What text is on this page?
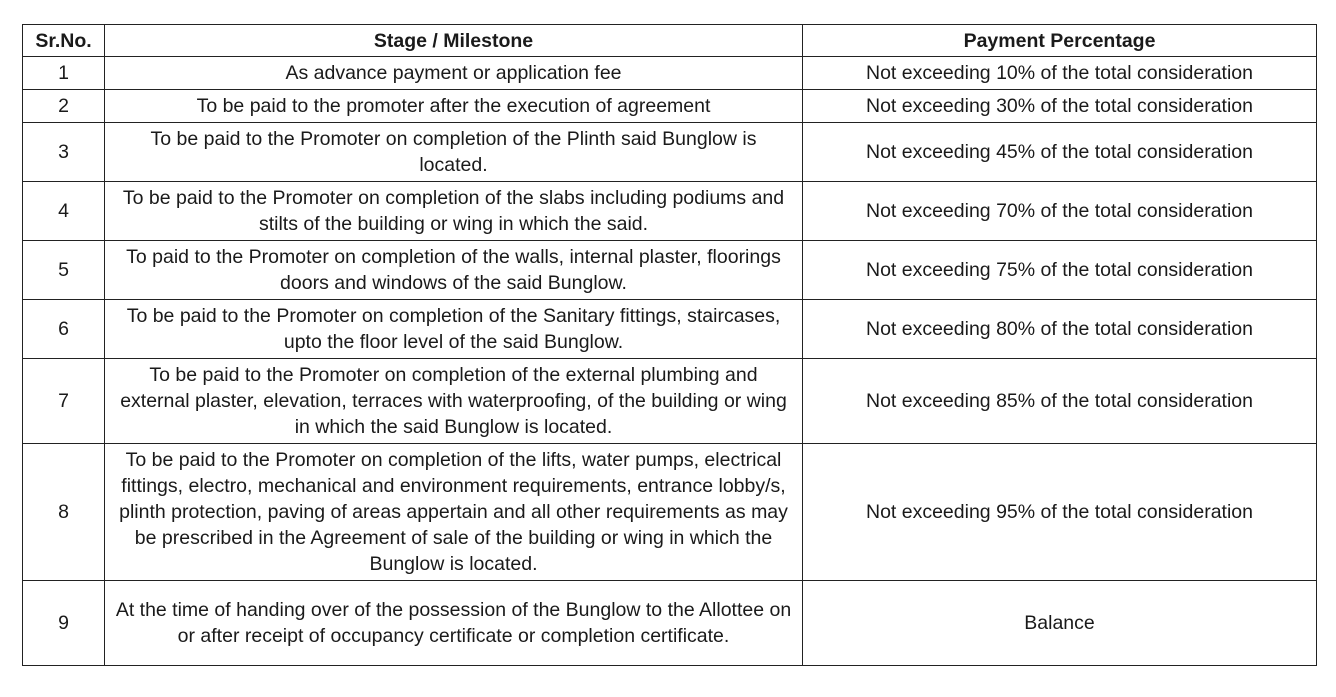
Sr.No.	Stage / Milestone	Payment Percentage
1	As advance payment or application fee	Not exceeding 10% of the total consideration
2	To be paid to the promoter after the execution of agreement	Not exceeding 30% of the total consideration
3	To be paid to the Promoter on completion of the Plinth said Bunglow is located.	Not exceeding 45% of the total consideration
4	To be paid to the Promoter on completion of the slabs including podiums and stilts of the building or wing in which the said.	Not exceeding 70% of the total consideration
5	To paid to the Promoter on completion of the walls, internal plaster, floorings doors and windows of the said Bunglow.	Not exceeding 75% of the total consideration
6	To be paid to the Promoter on completion of the Sanitary fittings, staircases, upto the floor level of the said Bunglow.	Not exceeding 80% of the total consideration
7	To be paid to the Promoter on completion of the external plumbing and external plaster, elevation, terraces with waterproofing, of the building or wing in which the said Bunglow is located.	Not exceeding 85% of the total consideration
8	To be paid to the Promoter on completion of the lifts, water pumps, electrical fittings, electro, mechanical and environment requirements, entrance lobby/s, plinth protection, paving of areas appertain and all other requirements as may be prescribed in the Agreement of sale of the building or wing in which the Bunglow is located.	Not exceeding 95% of the total consideration
9	At the time of handing over of the possession of the Bunglow to the Allottee on or after receipt of occupancy certificate or completion certificate.	Balance
